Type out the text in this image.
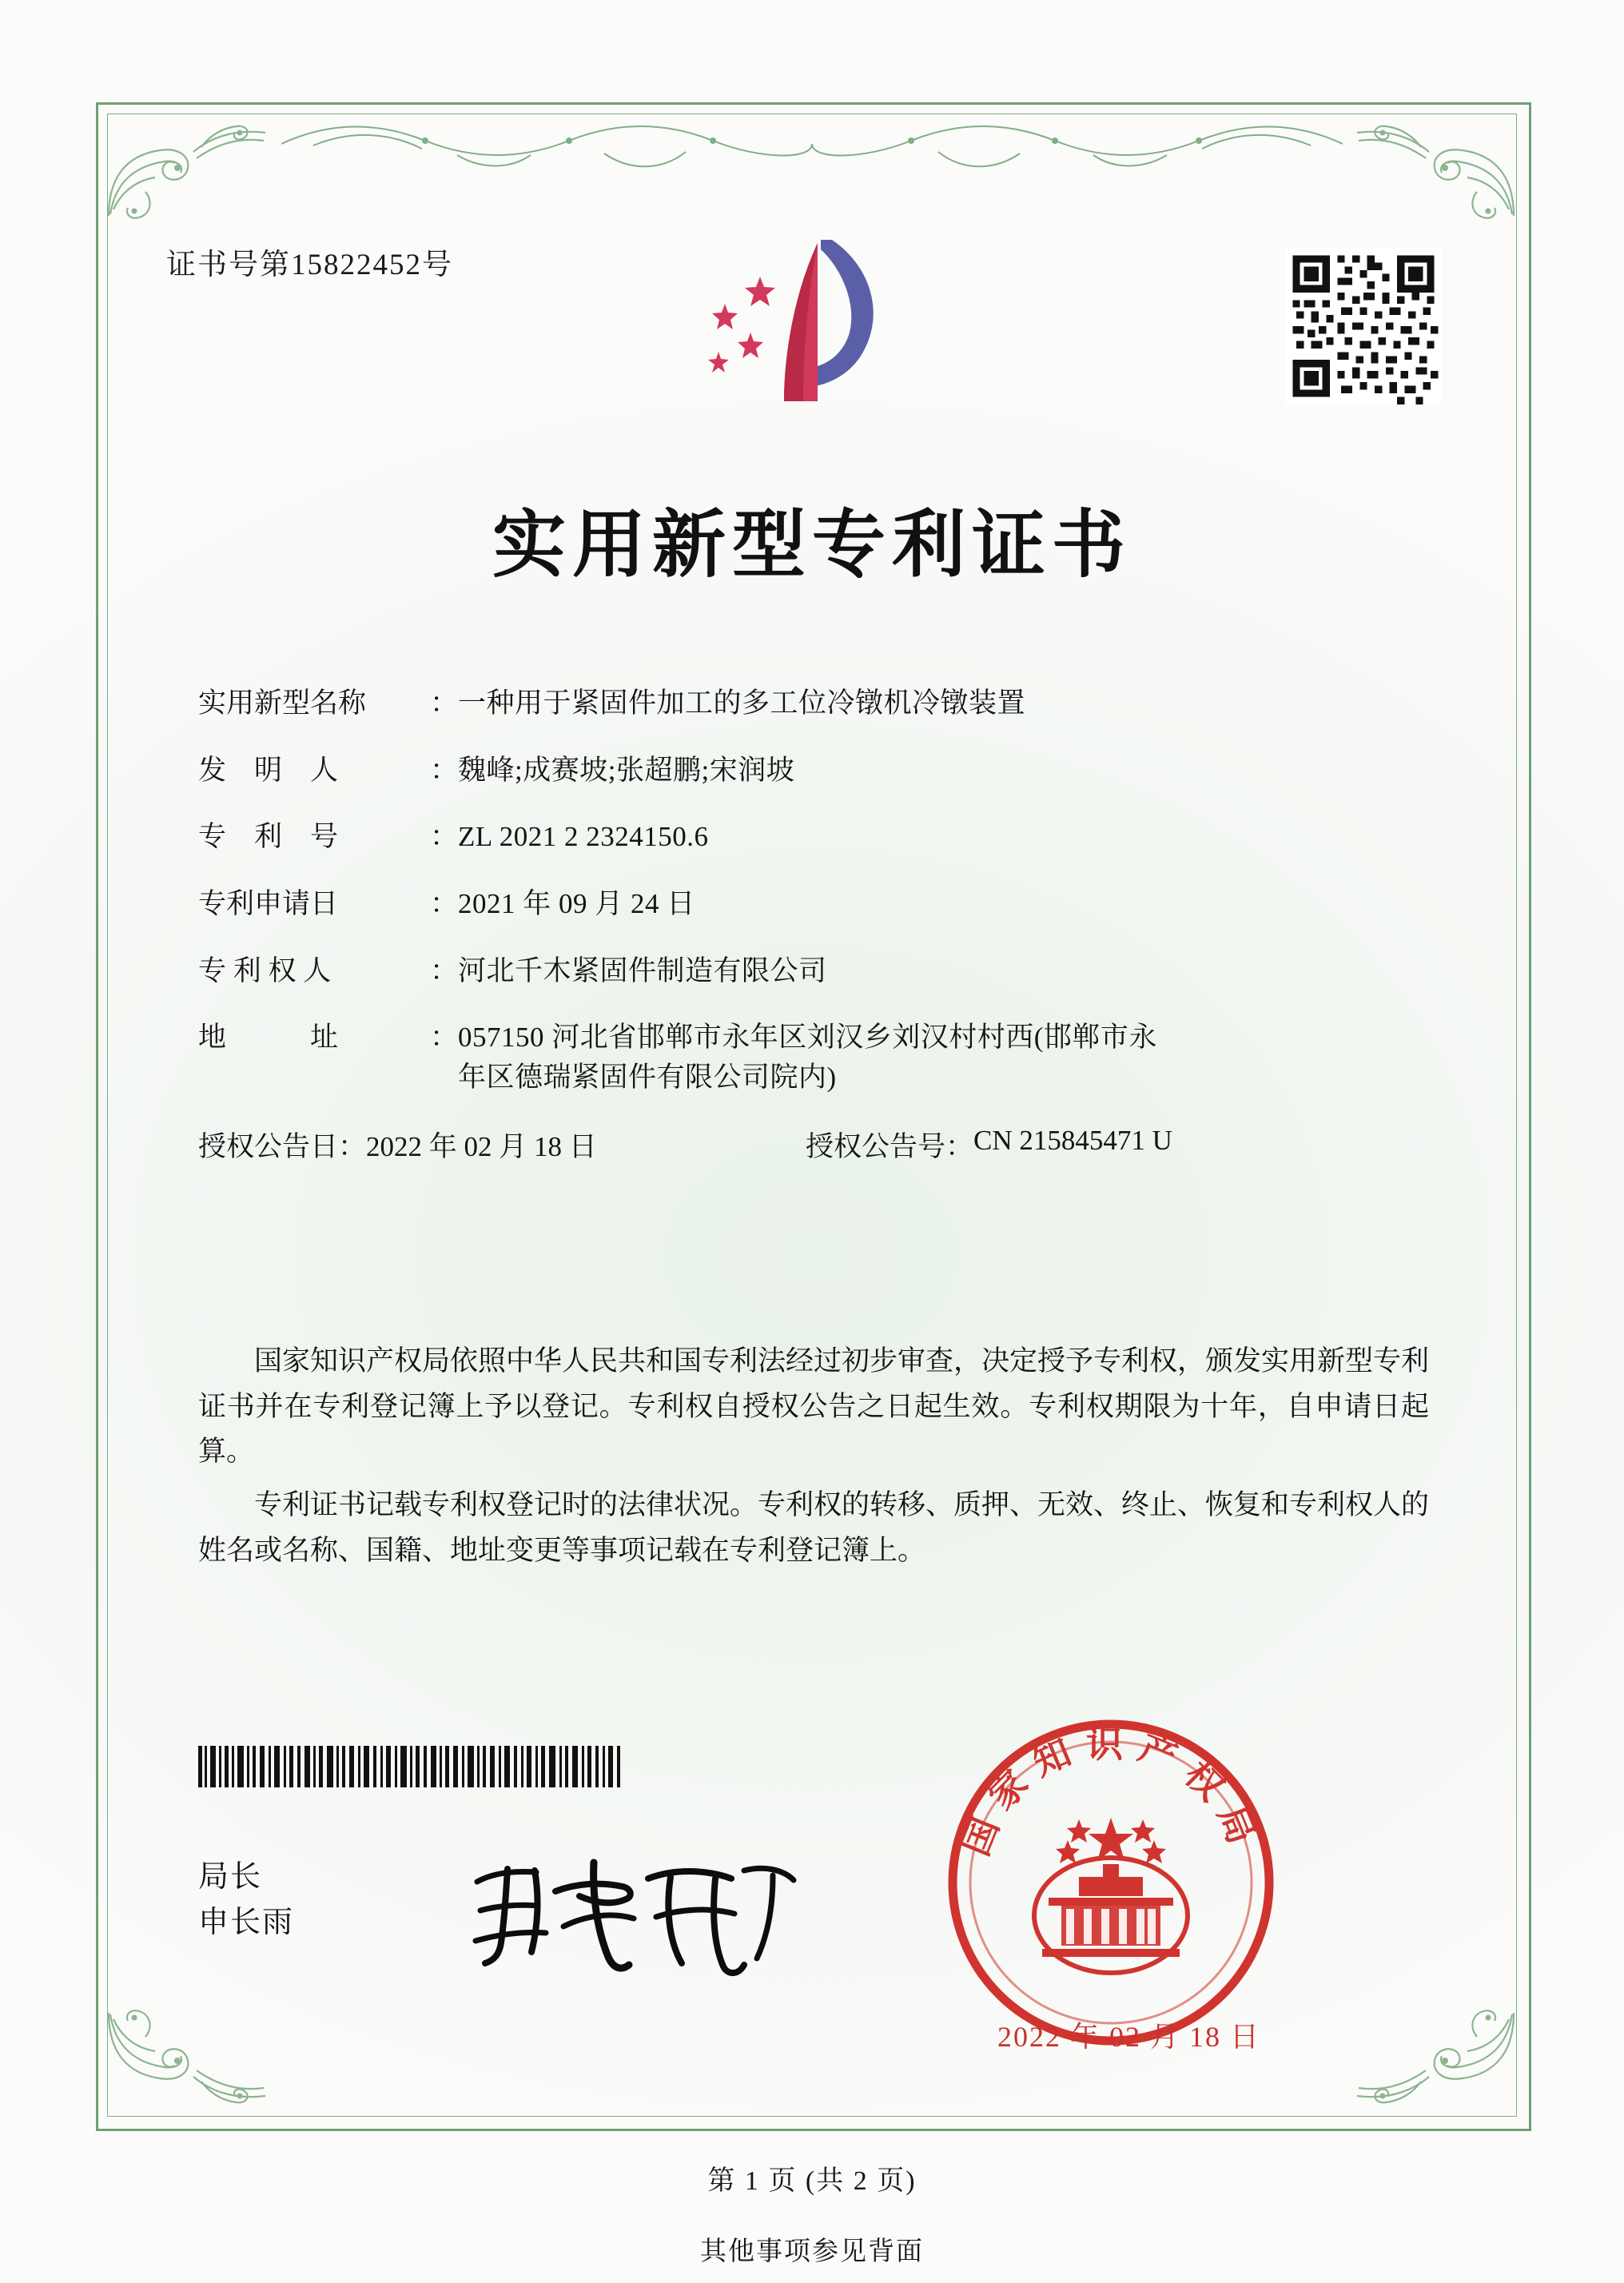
证书号第15822452号
实用新型专利证书
实用新型名称	： 一种用于紧固件加工的多工位冷镦机冷镦装置
发　明　人	： 魏峰;成赛坡;张超鹏;宋润坡
专　利　号	： ZL 2021 2 2324150.6
专利申请日	： 2021 年 09 月 24 日
专 利 权 人	： 河北千木紧固件制造有限公司
地　　　址	： 057150 河北省邯郸市永年区刘汉乡刘汉村村西(邯郸市永
年区德瑞紧固件有限公司院内)
授权公告日 ： 2022 年 02 月 18 日	授权公告号 ： CN 215845471 U

国家知识产权局依照中华人民共和国专利法经过初步审查，决定授予专利权，颁发实用新型专利证书并在专利登记簿上予以登记。专利权自授权公告之日起生效。专利权期限为十年，自申请日起算。

专利证书记载专利权登记时的法律状况。专利权的转移、质押、无效、终止、恢复和专利权人的姓名或名称、国籍、地址变更等事项记载在专利登记簿上。

局长
申长雨
国家知识产权局
2022 年 02 月 18 日
第 1 页 (共 2 页)
其他事项参见背面
